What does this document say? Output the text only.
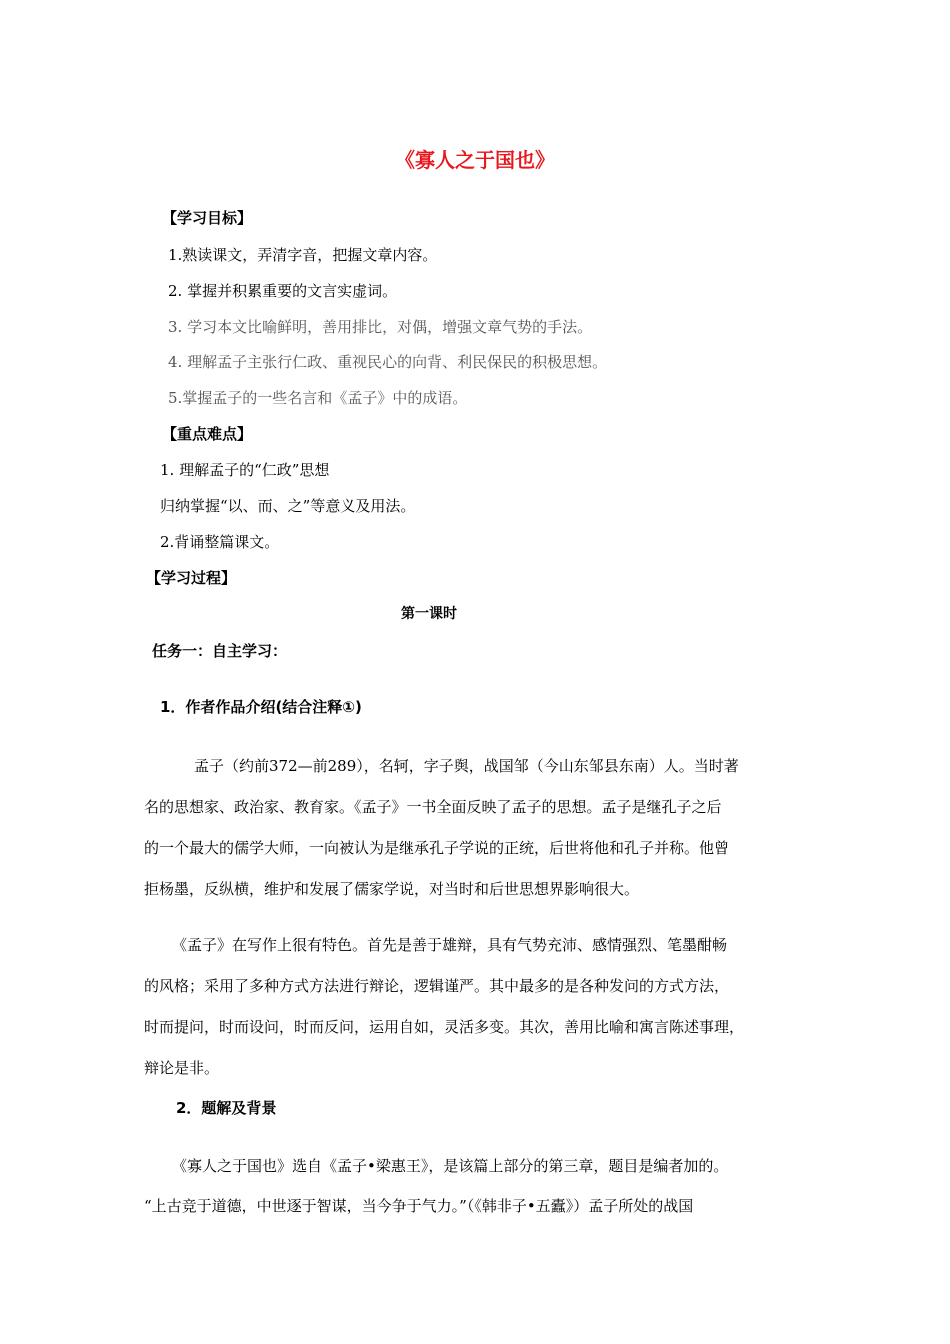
《寡人之于国也》
【学习目标】
1.熟读课文，弄清字音，把握文章内容。
2. 掌握并积累重要的文言实虚词。
3. 学习本文比喻鲜明，善用排比，对偶，增强文章气势的手法。
4. 理解孟子主张行仁政、重视民心的向背、利民保民的积极思想。
5.掌握孟子的一些名言和《孟子》中的成语。
【重点难点】
1. 理解孟子的“仁政”思想
归纳掌握“以、而、之”等意义及用法。
2.背诵整篇课文。
【学习过程】
第一课时
任务一：自主学习：
1．作者作品介绍(结合注释①)
孟子（约前372—前289），名轲，字子舆，战国邹（今山东邹县东南）人。当时著
名的思想家、政治家、教育家。《孟子》一书全面反映了孟子的思想。孟子是继孔子之后
的一个最大的儒学大师，一向被认为是继承孔子学说的正统，后世将他和孔子并称。他曾
拒杨墨，反纵横，维护和发展了儒家学说，对当时和后世思想界影响很大。
《孟子》在写作上很有特色。首先是善于雄辩，具有气势充沛、感情强烈、笔墨酣畅
的风格；采用了多种方式方法进行辩论，逻辑谨严。其中最多的是各种发问的方式方法，
时而提问，时而设问，时而反问，运用自如，灵活多变。其次，善用比喻和寓言陈述事理，
辩论是非。
2．题解及背景
《寡人之于国也》选自《孟子•梁惠王》，是该篇上部分的第三章，题目是编者加的。
“上古竞于道德，中世逐于智谋，当今争于气力。”（《韩非子•五蠹》）孟子所处的战国
